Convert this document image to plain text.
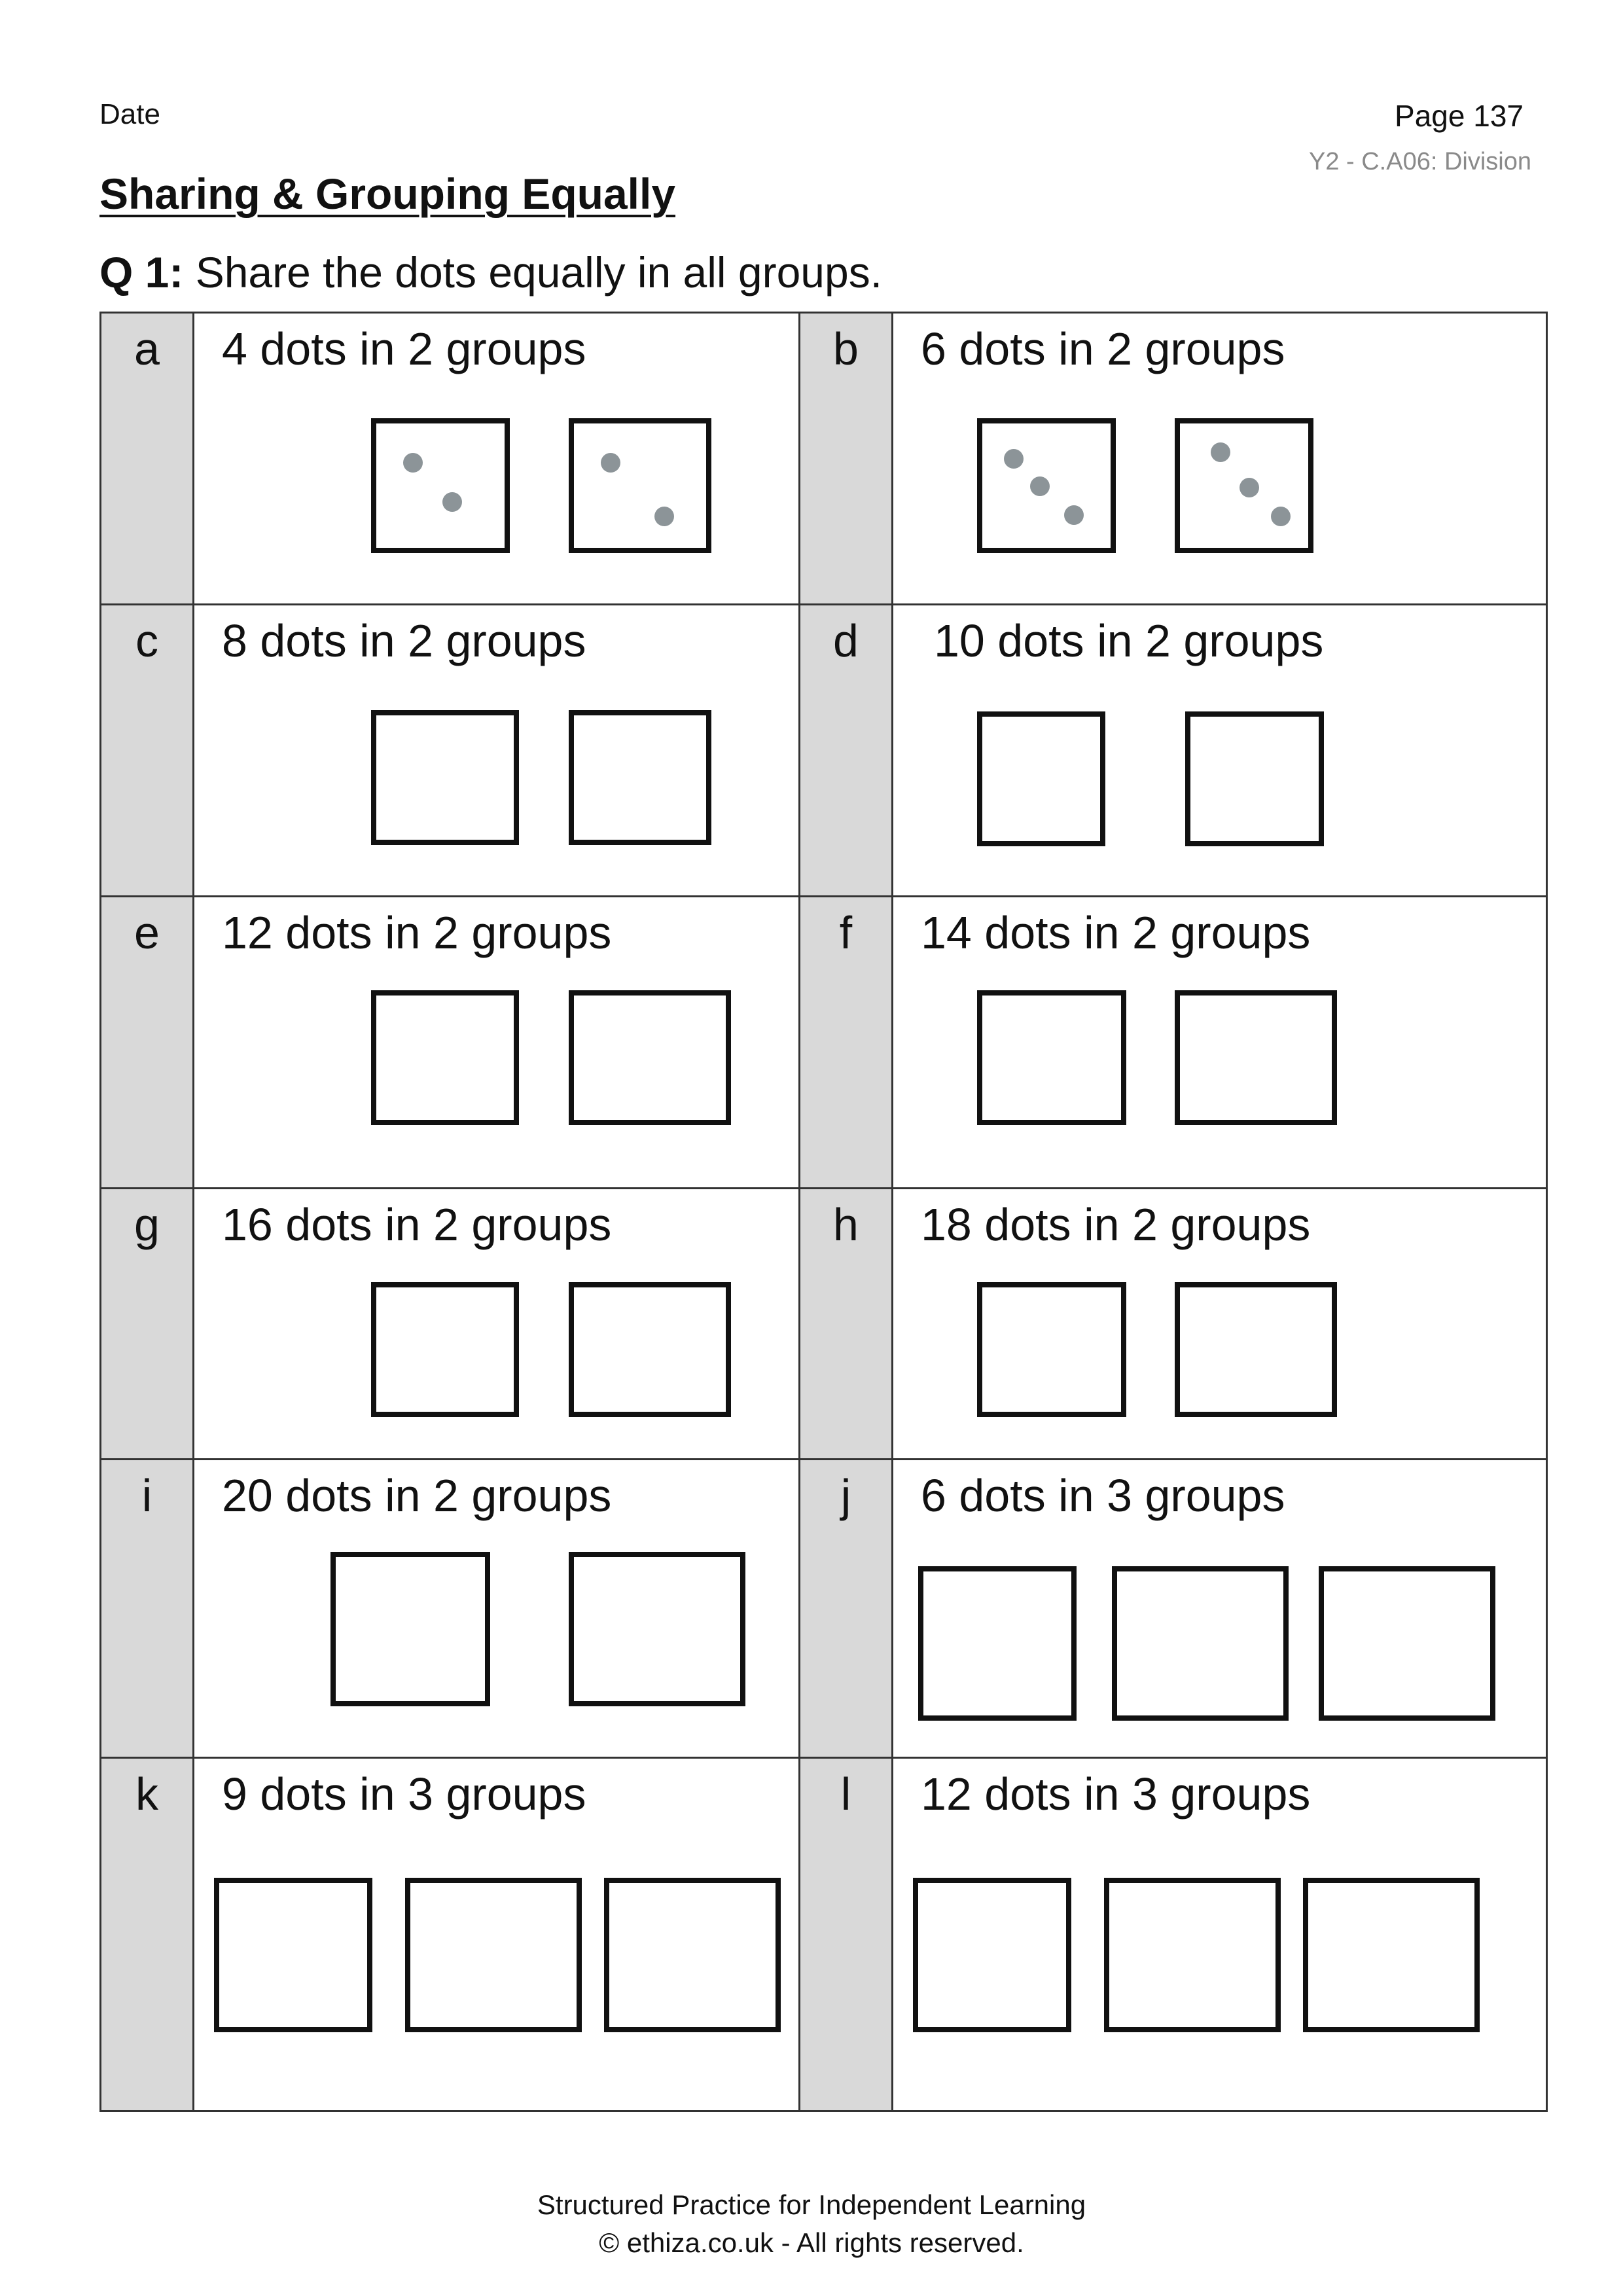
Date	Page 137
Y2 - C.A06: Division
Sharing & Grouping Equally
Q 1: Share the dots equally in all groups.
a	4 dots in 2 groups	b	6 dots in 2 groups

c	8 dots in 2 groups	d	10 dots in 2 groups

e	12 dots in 2 groups	f	14 dots in 2 groups

g	16 dots in 2 groups	h	18 dots in 2 groups

i	20 dots in 2 groups	j	6 dots in 3 groups

k	9 dots in 3 groups	l	12 dots in 3 groups
Structured Practice for Independent Learning
© ethiza.co.uk - All rights reserved.
